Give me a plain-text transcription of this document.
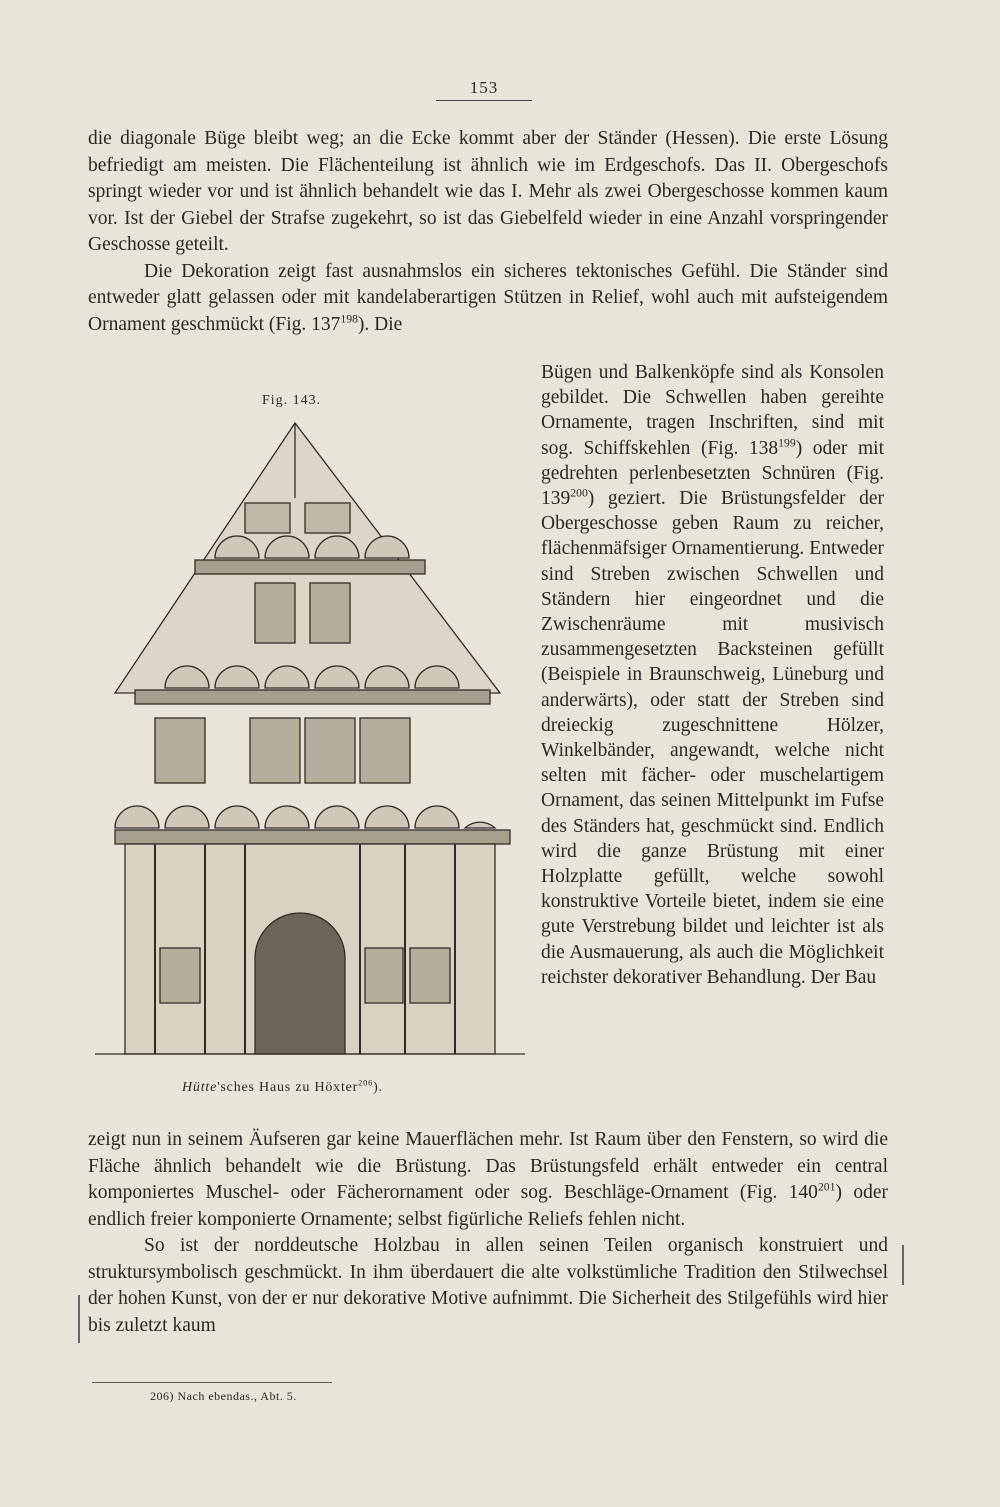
153

die diagonale Büge bleibt weg; an die Ecke kommt aber der Ständer (Hessen). Die erste Lösung befriedigt am meisten. Die Flächenteilung ist ähnlich wie im Erdgeschofs. Das II. Obergeschofs springt wieder vor und ist ähnlich behandelt wie das I. Mehr als zwei Obergeschosse kommen kaum vor. Ist der Giebel der Strafse zugekehrt, so ist das Giebelfeld wieder in eine Anzahl vorspringender Geschosse geteilt.

Die Dekoration zeigt fast ausnahmslos ein sicheres tektonisches Gefühl. Die Ständer sind entweder glatt gelassen oder mit kandelaberartigen Stützen in Relief, wohl auch mit aufsteigendem Ornament geschmückt (Fig. $137^{198}$). Die

Fig. 143.

Bügen und Balkenköpfe sind als Konsolen gebildet. Die Schwellen haben gereihte Ornamente, tragen Inschriften, sind mit sog. Schiffskehlen (Fig. $138^{199}$) oder mit gedrehten perlenbesetzten Schnüren (Fig. $139^{200}$) geziert. Die Brüstungsfelder der Obergeschosse geben Raum zu reicher, flächenmäfsiger Ornamentierung. Entweder sind Streben zwischen Schwellen und Ständern hier eingeordnet und die Zwischenräume mit musivisch zusammengesetzten Backsteinen gefüllt (Beispiele in Braunschweig, Lüneburg und anderwärts), oder statt der Streben sind dreieckig zugeschnittene Hölzer, Winkelbänder, angewandt, welche nicht selten mit fächer- oder muschelartigem Ornament, das seinen Mittelpunkt im Fufse des Ständers hat, geschmückt sind. Endlich wird die ganze Brüstung mit einer Holzplatte gefüllt, welche sowohl konstruktive Vorteile bietet, indem sie eine gute Verstrebung bildet und leichter ist als die Ausmauerung, als auch die Möglichkeit reichster dekorativer Behandlung. Der Bau

Hütte'sches Haus zu Höxter$^{206}$).

zeigt nun in seinem Äufseren gar keine Mauerflächen mehr. Ist Raum über den Fenstern, so wird die Fläche ähnlich behandelt wie die Brüstung. Das Brüstungsfeld erhält entweder ein central komponiertes Muschel- oder Fächerornament oder sog. Beschläge-Ornament (Fig. $140^{201}$) oder endlich freier komponierte Ornamente; selbst figürliche Reliefs fehlen nicht.

So ist der norddeutsche Holzbau in allen seinen Teilen organisch konstruiert und struktursymbolisch geschmückt. In ihm überdauert die alte volkstümliche Tradition den Stilwechsel der hohen Kunst, von der er nur dekorative Motive aufnimmt. Die Sicherheit des Stilgefühls wird hier bis zuletzt kaum

206) Nach ebendas., Abt. 5.
